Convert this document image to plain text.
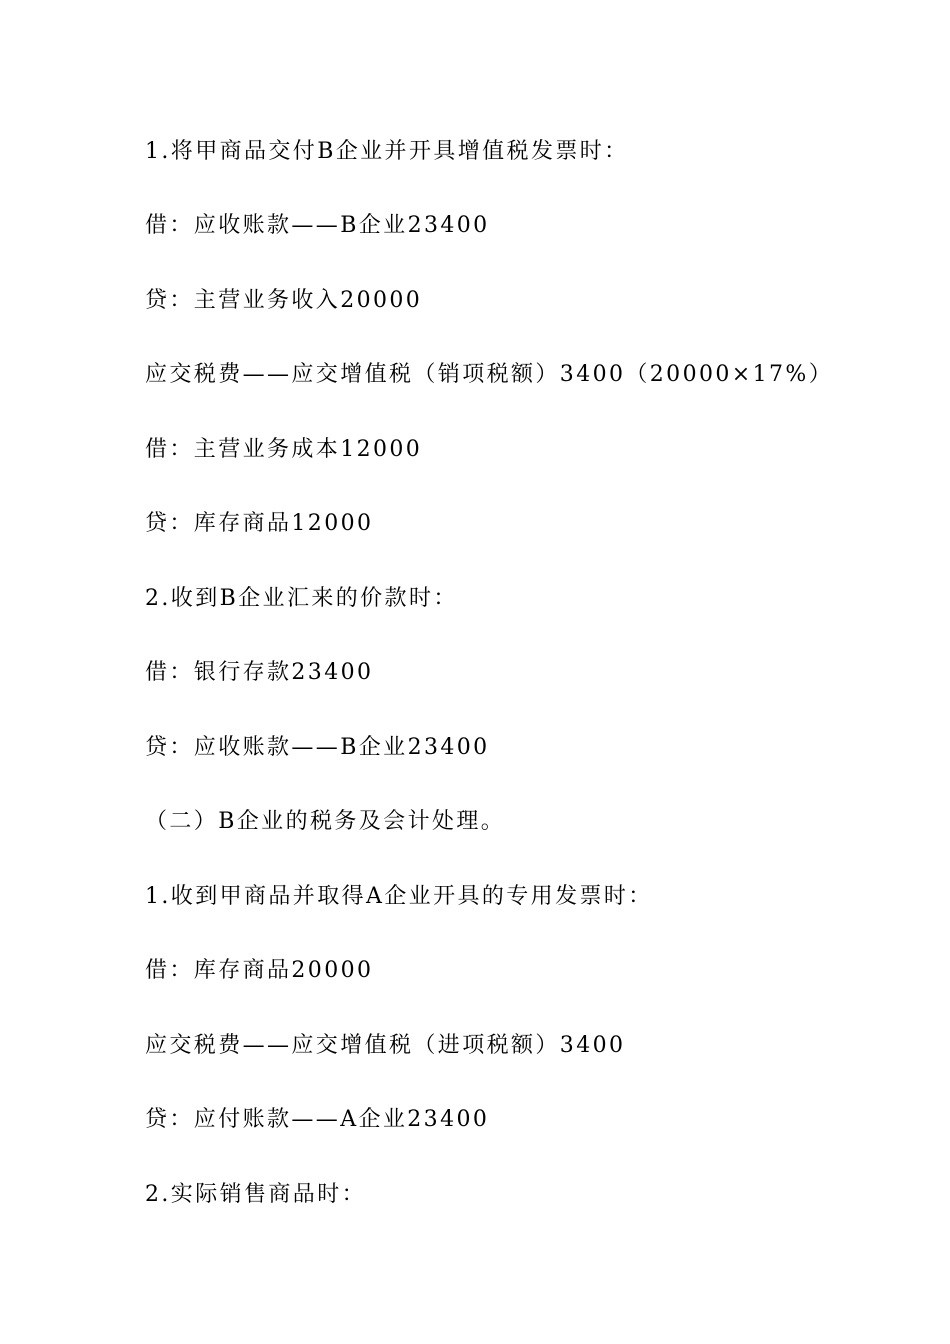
1.将甲商品交付B企业并开具增值税发票时：
借：应收账款——B企业23400
贷：主营业务收入20000
应交税费——应交增值税（销项税额）3400（20000×17%）
借：主营业务成本12000
贷：库存商品12000
2.收到B企业汇来的价款时：
借：银行存款23400
贷：应收账款——B企业23400
（二）B企业的税务及会计处理。
1.收到甲商品并取得A企业开具的专用发票时：
借：库存商品20000
应交税费——应交增值税（进项税额）3400
贷：应付账款——A企业23400
2.实际销售商品时：
